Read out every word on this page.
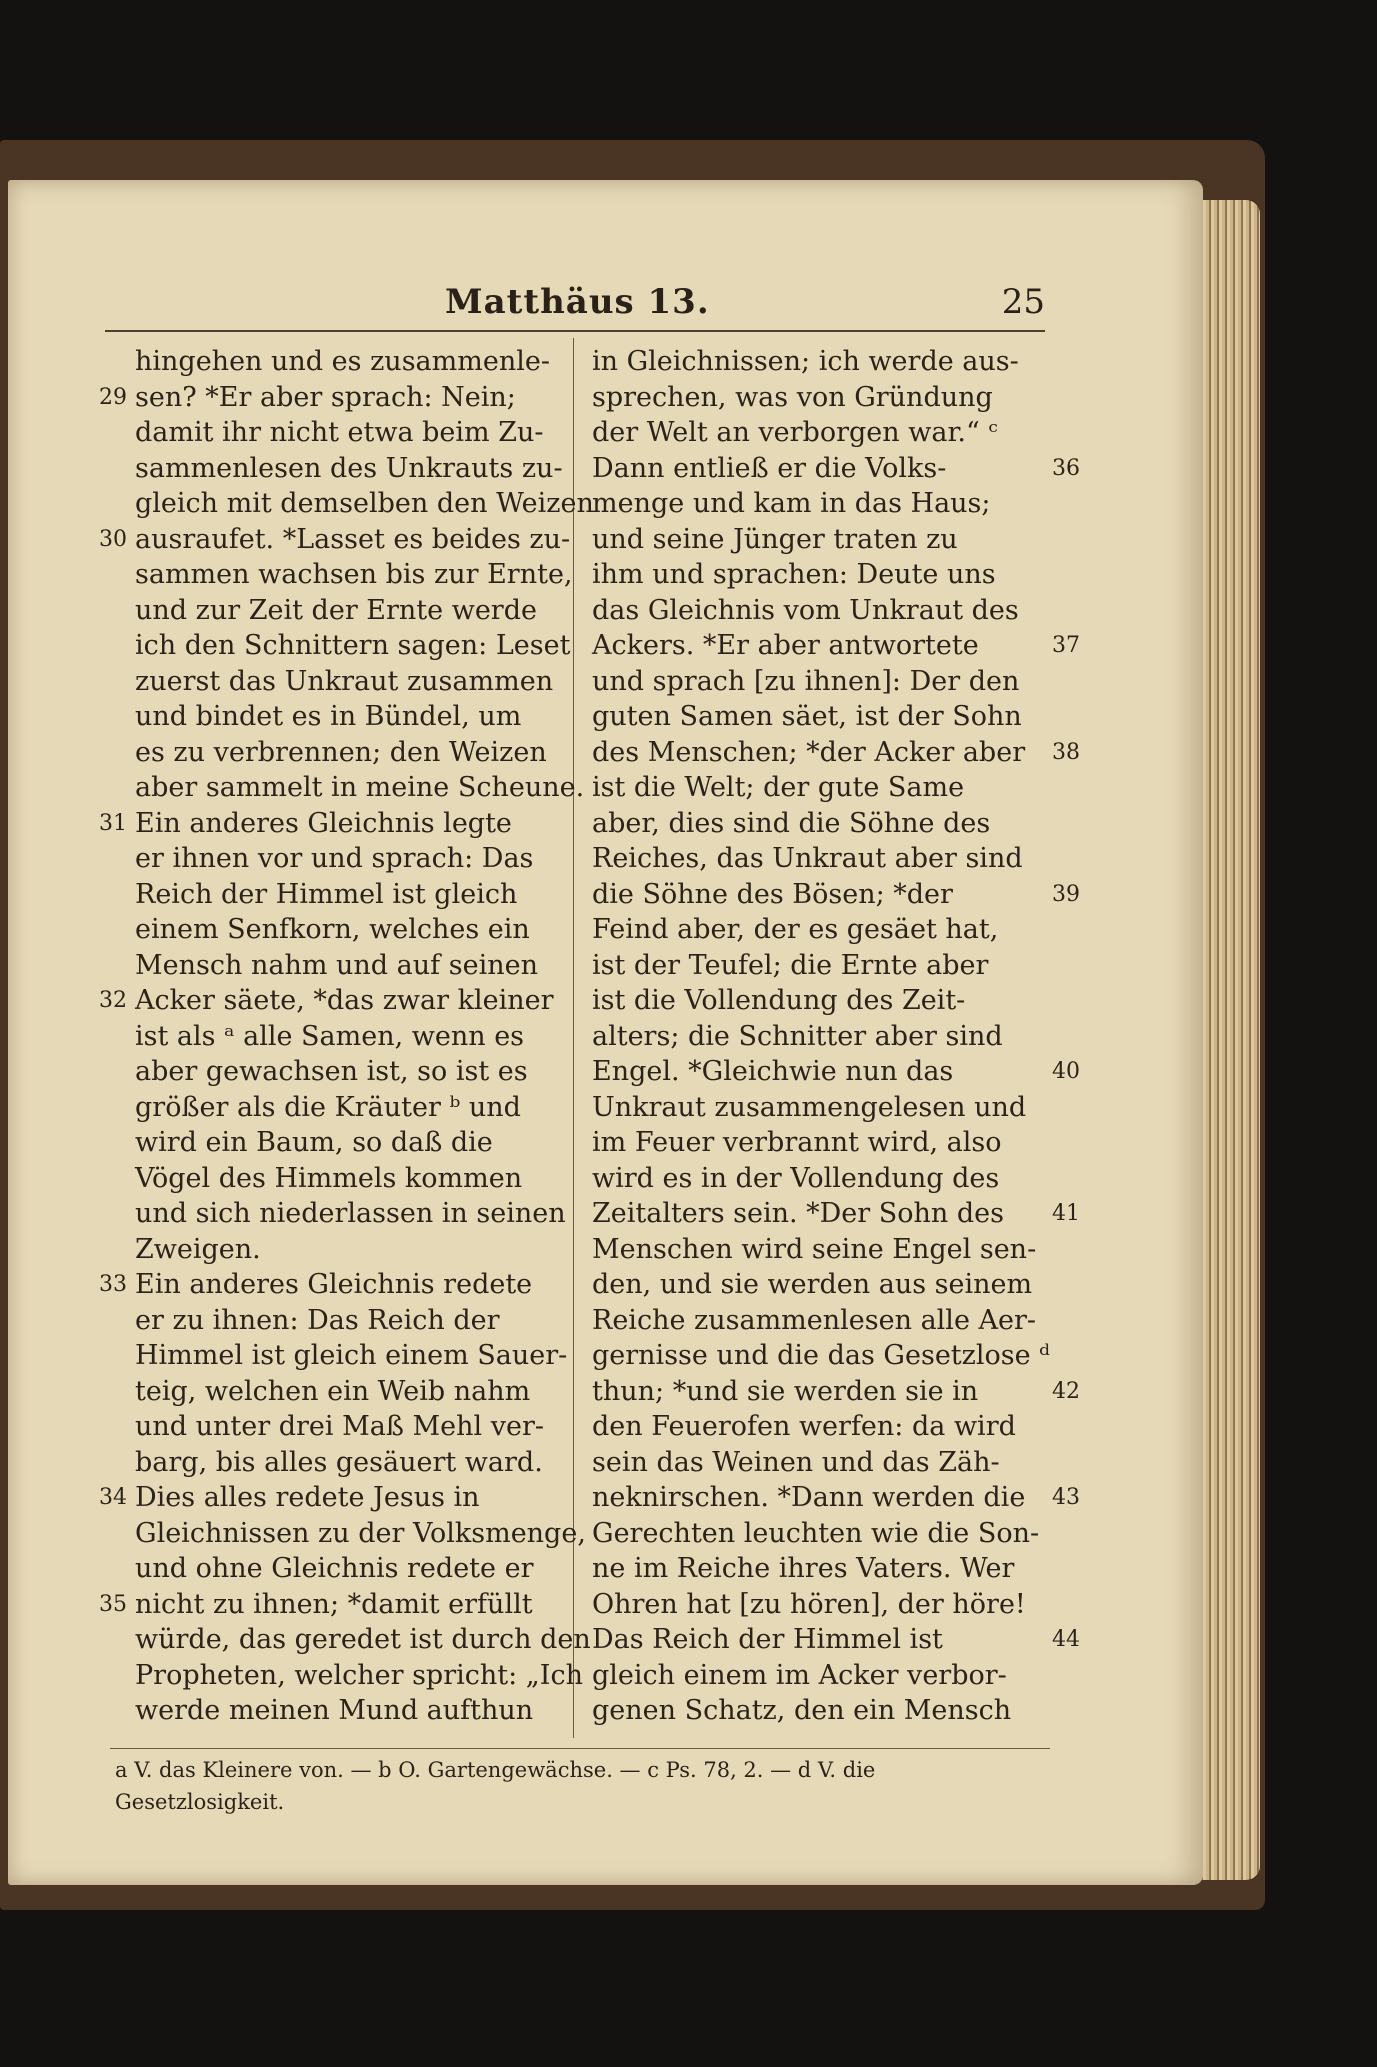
Matthäus 13.	25
hingehen und es zusammenle-
sen? *Er aber sprach: Nein;
29
damit ihr nicht etwa beim Zu-
sammenlesen des Unkrauts zu-
gleich mit demselben den Weizen
ausraufet. *Lasset es beides zu-
30
sammen wachsen bis zur Ernte,
und zur Zeit der Ernte werde
ich den Schnittern sagen: Leset
zuerst das Unkraut zusammen
und bindet es in Bündel, um
es zu verbrennen; den Weizen
aber sammelt in meine Scheune.
Ein anderes Gleichnis legte
31
er ihnen vor und sprach: Das
Reich der Himmel ist gleich
einem Senfkorn, welches ein
Mensch nahm und auf seinen
Acker säete, *das zwar kleiner
32
ist als ᵃ alle Samen, wenn es
aber gewachsen ist, so ist es
größer als die Kräuter ᵇ und
wird ein Baum, so daß die
Vögel des Himmels kommen
und sich niederlassen in seinen
Zweigen.
Ein anderes Gleichnis redete
33
er zu ihnen: Das Reich der
Himmel ist gleich einem Sauer-
teig, welchen ein Weib nahm
und unter drei Maß Mehl ver-
barg, bis alles gesäuert ward.
Dies alles redete Jesus in
34
Gleichnissen zu der Volksmenge,
und ohne Gleichnis redete er
nicht zu ihnen; *damit erfüllt
35
würde, das geredet ist durch den
Propheten, welcher spricht: „Ich
werde meinen Mund aufthun
in Gleichnissen; ich werde aus-
sprechen, was von Gründung
der Welt an verborgen war.“ ᶜ
Dann entließ er die Volks-	36
menge und kam in das Haus;
und seine Jünger traten zu
ihm und sprachen: Deute uns
das Gleichnis vom Unkraut des
Ackers. *Er aber antwortete	37
und sprach [zu ihnen]: Der den
guten Samen säet, ist der Sohn
des Menschen; *der Acker aber 38
ist die Welt; der gute Same
aber, dies sind die Söhne des
Reiches, das Unkraut aber sind
die Söhne des Bösen; *der	39
Feind aber, der es gesäet hat,
ist der Teufel; die Ernte aber
ist die Vollendung des Zeit-
alters; die Schnitter aber sind
Engel. *Gleichwie nun das	40
Unkraut zusammengelesen und
im Feuer verbrannt wird, also
wird es in der Vollendung des
Zeitalters sein. *Der Sohn des 41
Menschen wird seine Engel sen-
den, und sie werden aus seinem
Reiche zusammenlesen alle Aer-
gernisse und die das Gesetzlose ᵈ
thun; *und sie werden sie in	42
den Feuerofen werfen: da wird
sein das Weinen und das Zäh-
neknirschen. *Dann werden die 43
Gerechten leuchten wie die Son-
ne im Reiche ihres Vaters. Wer
Ohren hat [zu hören], der höre!
Das Reich der Himmel ist	44
gleich einem im Acker verbor-
genen Schatz, den ein Mensch
a V. das Kleinere von. — b O. Gartengewächse. — c Ps. 78, 2. — d V. die
Gesetzlosigkeit.
